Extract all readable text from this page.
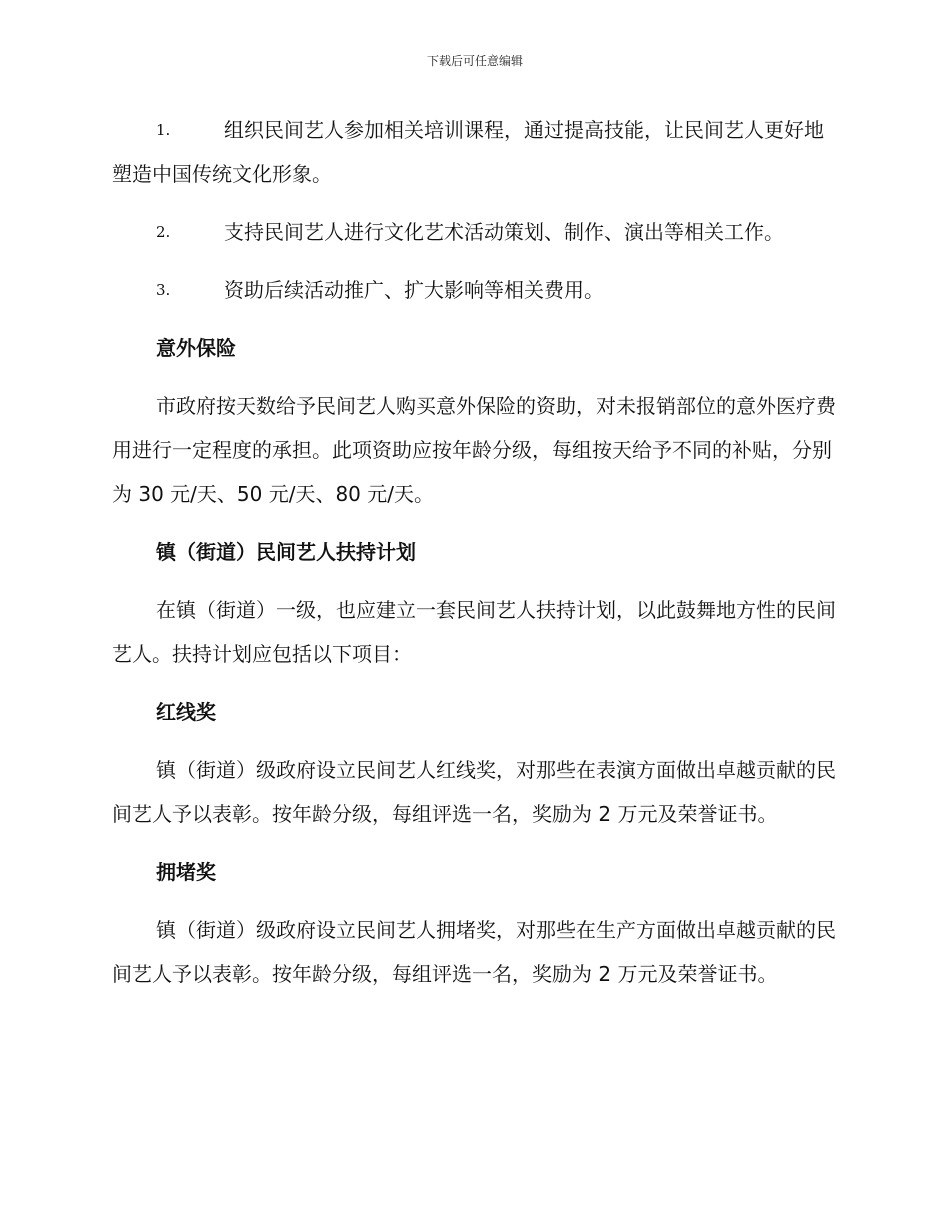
下载后可任意编辑
1.	组织民间艺人参加相关培训课程，通过提高技能，让民间艺人更好地塑造中国传统文化形象。
2.	支持民间艺人进行文化艺术活动策划、制作、演出等相关工作。
3.	资助后续活动推广、扩大影响等相关费用。
意外保险
市政府按天数给予民间艺人购买意外保险的资助，对未报销部位的意外医疗费用进行一定程度的承担。此项资助应按年龄分级，每组按天给予不同的补贴，分别为 30 元/天、50 元/天、80 元/天。
镇（街道）民间艺人扶持计划
在镇（街道）一级，也应建立一套民间艺人扶持计划，以此鼓舞地方性的民间艺人。扶持计划应包括以下项目：
红线奖
镇（街道）级政府设立民间艺人红线奖，对那些在表演方面做出卓越贡献的民间艺人予以表彰。按年龄分级，每组评选一名，奖励为 2 万元及荣誉证书。
拥堵奖
镇（街道）级政府设立民间艺人拥堵奖，对那些在生产方面做出卓越贡献的民间艺人予以表彰。按年龄分级，每组评选一名，奖励为 2 万元及荣誉证书。
